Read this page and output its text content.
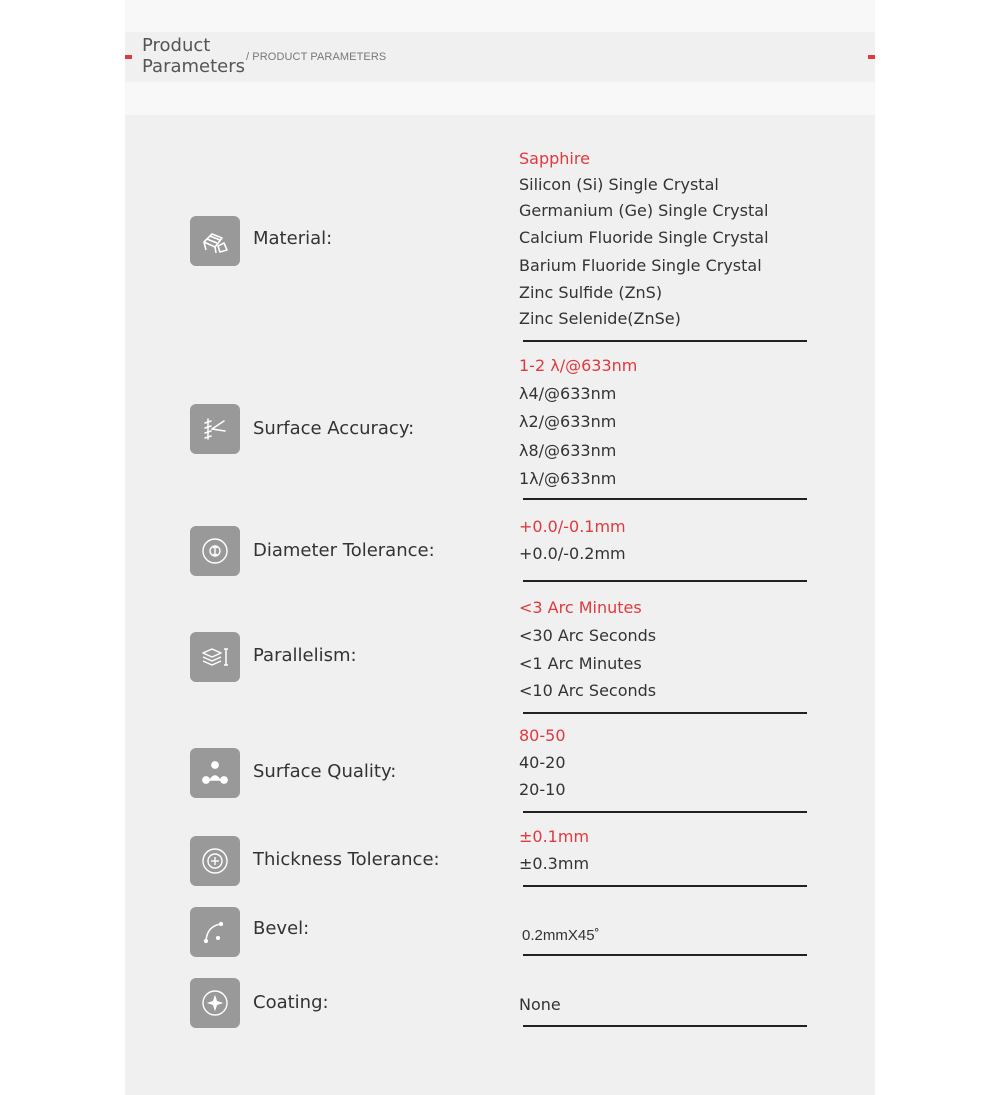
Product
Parameters / PRODUCT PARAMETERS
Material:
Sapphire
Silicon (Si) Single Crystal
Germanium (Ge) Single Crystal
Calcium Fluoride Single Crystal
Barium Fluoride Single Crystal
Zinc Sulfide (ZnS)
Zinc Selenide(ZnSe)
Surface Accuracy:
1-2 λ/@633nm
λ4/@633nm
λ2/@633nm
λ8/@633nm
1λ/@633nm
Diameter Tolerance:
+0.0/-0.1mm
+0.0/-0.2mm
Parallelism:
<3 Arc Minutes
<30 Arc Seconds
<1 Arc Minutes
<10 Arc Seconds
Surface Quality:
80-50
40-20
20-10
Thickness Tolerance:
±0.1mm
±0.3mm
Bevel:	0.2mmX45˚
Coating:	None
